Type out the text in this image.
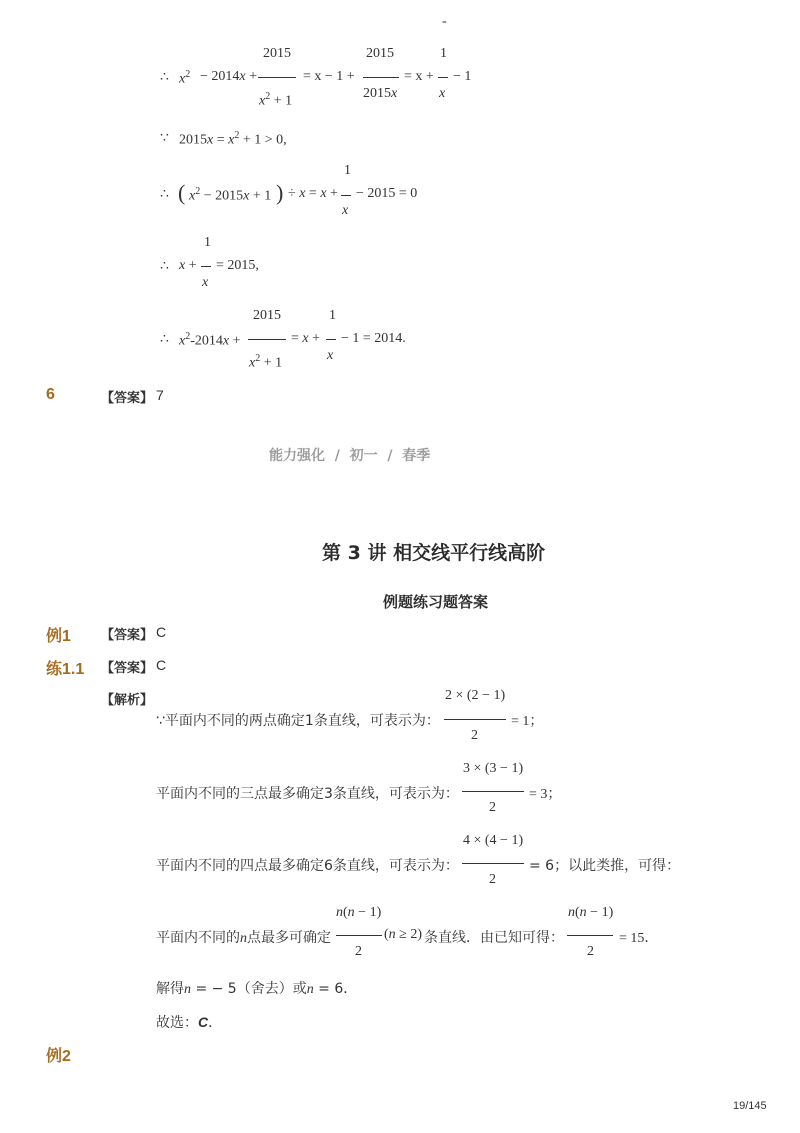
-
∴ $x^2 - 2014x$ +
2015
$x^2 + 1$
= x − 1 +
2015
2015x
= x +
1
x
− 1
∵ $2015x = x^2 + 1 > 0$,
∴ ( $x^2 - 2015x + 1$ ) ÷ x = x +
1
x
− 2015 = 0
∴ x +
1
x
= 2015,
∴ $x^2-2014x$ +
2015
$x^2 + 1$
= x +
1
x
− 1 = 2014.
6	【答案】 7
能力强化  /  初一  /  春季
第 3 讲 相交线平行线高阶
例题练习题答案
例1 【答案】 C
练1.1 【答案】 C
【解析】
∵平面内不同的两点确定1条直线，可表示为：
2 × (2 − 1)
2
= 1；
平面内不同的三点最多确定3条直线，可表示为：
3 × (3 − 1)
2
= 3；
平面内不同的四点最多确定6条直线，可表示为：
4 × (4 − 1)
2
= 6；以此类推，可得：
平面内不同的n点最多可确定
n(n − 1)
2
(n ≥ 2) 条直线．由已知可得：
n(n − 1)
2
= 15．
解得n = − 5（舍去）或n = 6．
故选：C．
例2
19/145
